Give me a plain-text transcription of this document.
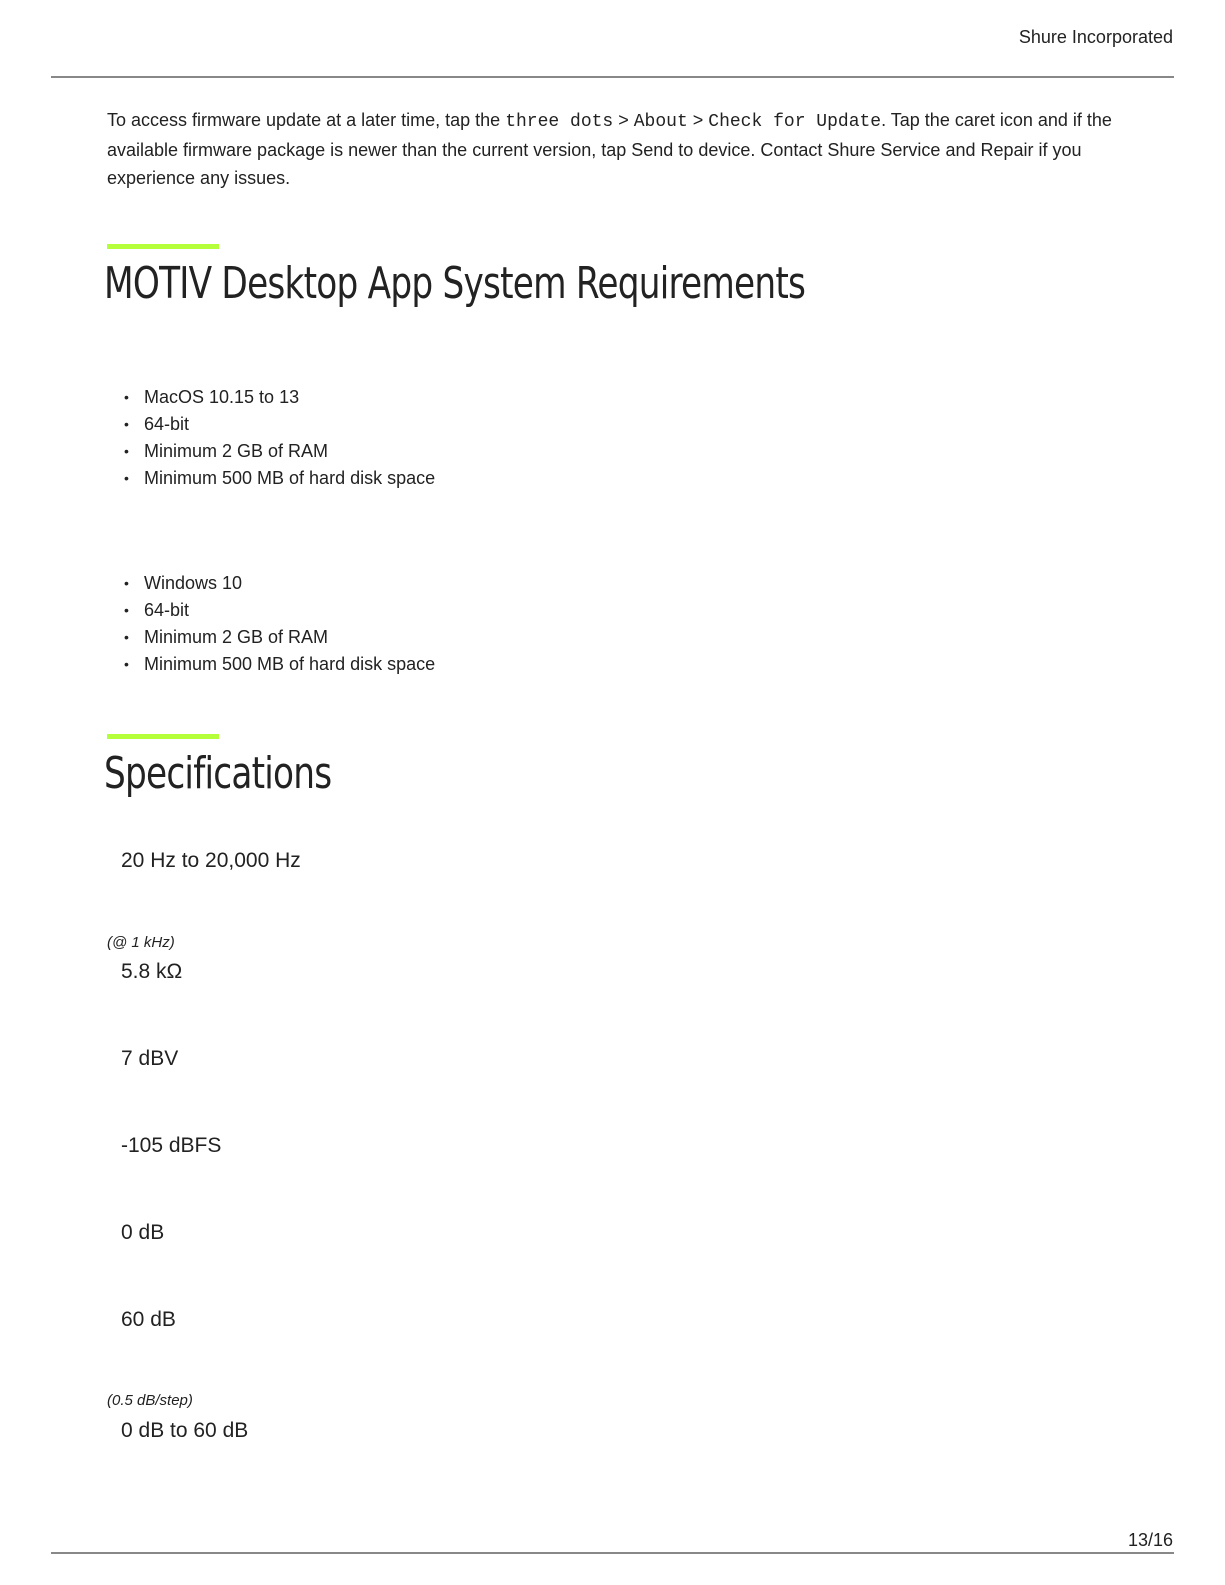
Shure Incorporated

To access firmware update at a later time, tap the three dots > About > Check for Update. Tap the caret icon and if the available firmware package is newer than the current version, tap Send to device. Contact Shure Service and Repair if you experience any issues.

MOTIV Desktop App System Requirements
• MacOS 10.15 to 13
• 64-bit
• Minimum 2 GB of RAM
• Minimum 500 MB of hard disk space
• Windows 10
• 64-bit
• Minimum 2 GB of RAM
• Minimum 500 MB of hard disk space
Specifications
20 Hz to 20,000 Hz
(@ 1 kHz)
5.8 kΩ
7 dBV
-105 dBFS
0 dB
60 dB
(0.5 dB/step)
0 dB to 60 dB
13/16
